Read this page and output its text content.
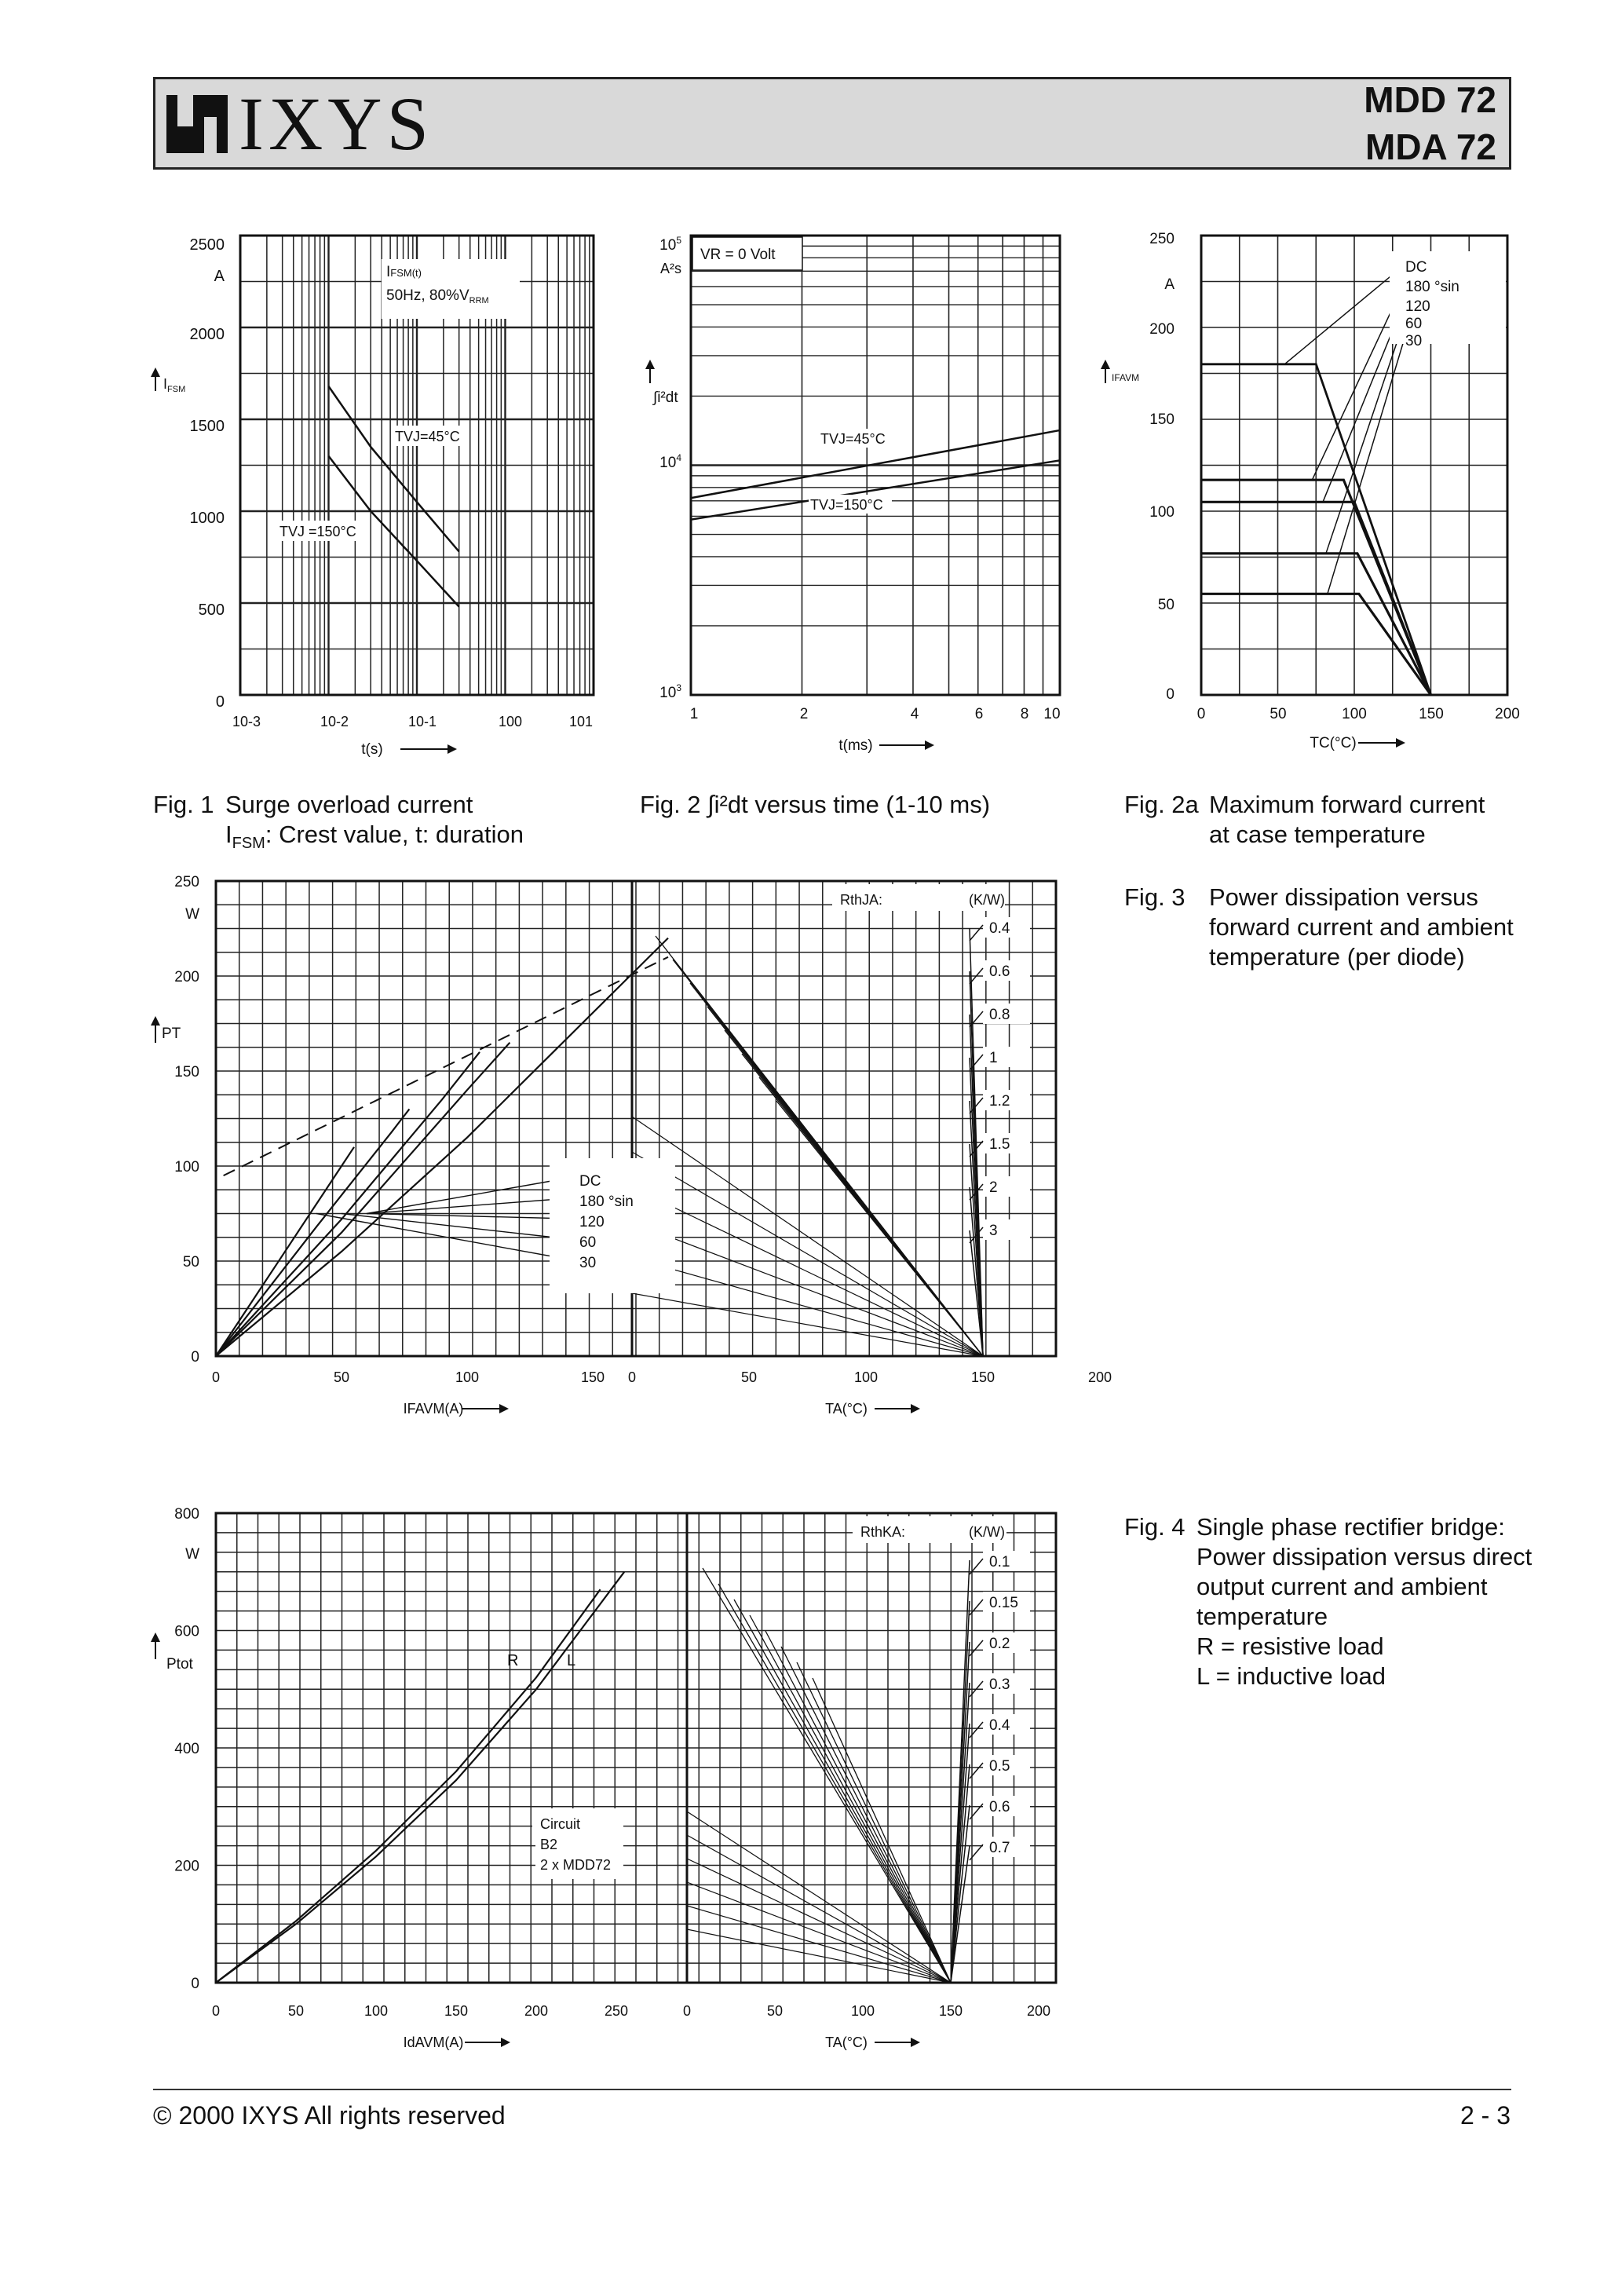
IXYS	MDD 72
MDA 72
2500
A
2000
1500
1000
500
0
$I_{FSM}$
10-3	10-2	10-1	100	101
t(s)
IFSM(t)
50Hz, $80\%V_{RRM}$
TVJ=45°C
TVJ =150°C
Fig. 1 Surge overload current
$I_{FSM}$: Crest value, t: duration
$10^5$
A²s
$10^4$
$10^3$
∫i²dt
1	2	4	6 8 10
t(ms)
VR = 0 Volt
TVJ=45°C
TVJ=150°C
Fig. 2 ∫i²dt versus time (1-10 ms)
250
A
200
150
100
50
0
IFAVM
0	50	100	150	200
TC(°C)
DC
180 °sin
120
60
30
Fig. 2a Maximum forward current
at case temperature
250
200
150
100
50
0
W
PT
0	50	100	150 0	50	100	150	200
IFAVM(A)	TA(°C)
DC
180 °sin
120
60
30
RthJA:	(K/W)
0.4
0.6
0.8
1
1.2
1.5
2
3
Fig. 3 Power dissipation versus
forward current and ambient
temperature (per diode)
800
600
400
200
0
W
Ptot
0	50	100	150	200	250	0	50	100	150	200
IdAVM(A)	TA(°C)
R	L
Circuit
B2
2 x MDD72
RthKA:	(K/W)
0.1
0.15
0.2
0.3
0.4
0.5
0.6
0.7
Fig. 4 Single phase rectifier bridge:
Power dissipation versus direct
output current and ambient
temperature
R = resistive load
L = inductive load
© 2000 IXYS All rights reserved	2 - 3
